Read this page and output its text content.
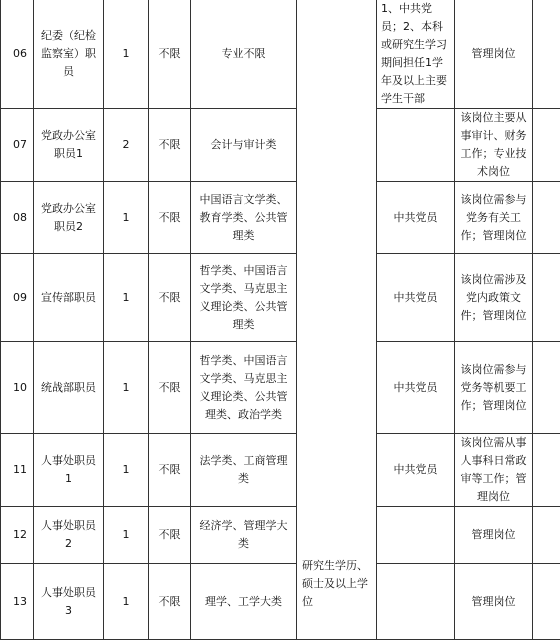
06	纪委（纪检监察室）职员	1	不限	专业不限	研究生学历、硕士及以上学位	1、中共党员；2、本科或研究生学习期间担任1学年及以上主要学生干部	管理岗位	
07	党政办公室职员1	2	不限	会计与审计类			该岗位主要从事审计、财务工作；专业技术岗位	
08	党政办公室职员2	1	不限	中国语言文学类、教育学类、公共管理类		中共党员	该岗位需参与党务有关工作；管理岗位	
09	宣传部职员	1	不限	哲学类、中国语言文学类、马克思主义理论类、公共管理类		中共党员	该岗位需涉及党内政策文件；管理岗位	
10	统战部职员	1	不限	哲学类、中国语言文学类、马克思主义理论类、公共管理类、政治学类		中共党员	该岗位需参与党务等机要工作；管理岗位	
11	人事处职员1	1	不限	法学类、工商管理类		中共党员	该岗位需从事人事科日常政审等工作；管理岗位	
12	人事处职员2	1	不限	经济学、管理学大类			管理岗位	
13	人事处职员3	1	不限	理学、工学大类			管理岗位	
